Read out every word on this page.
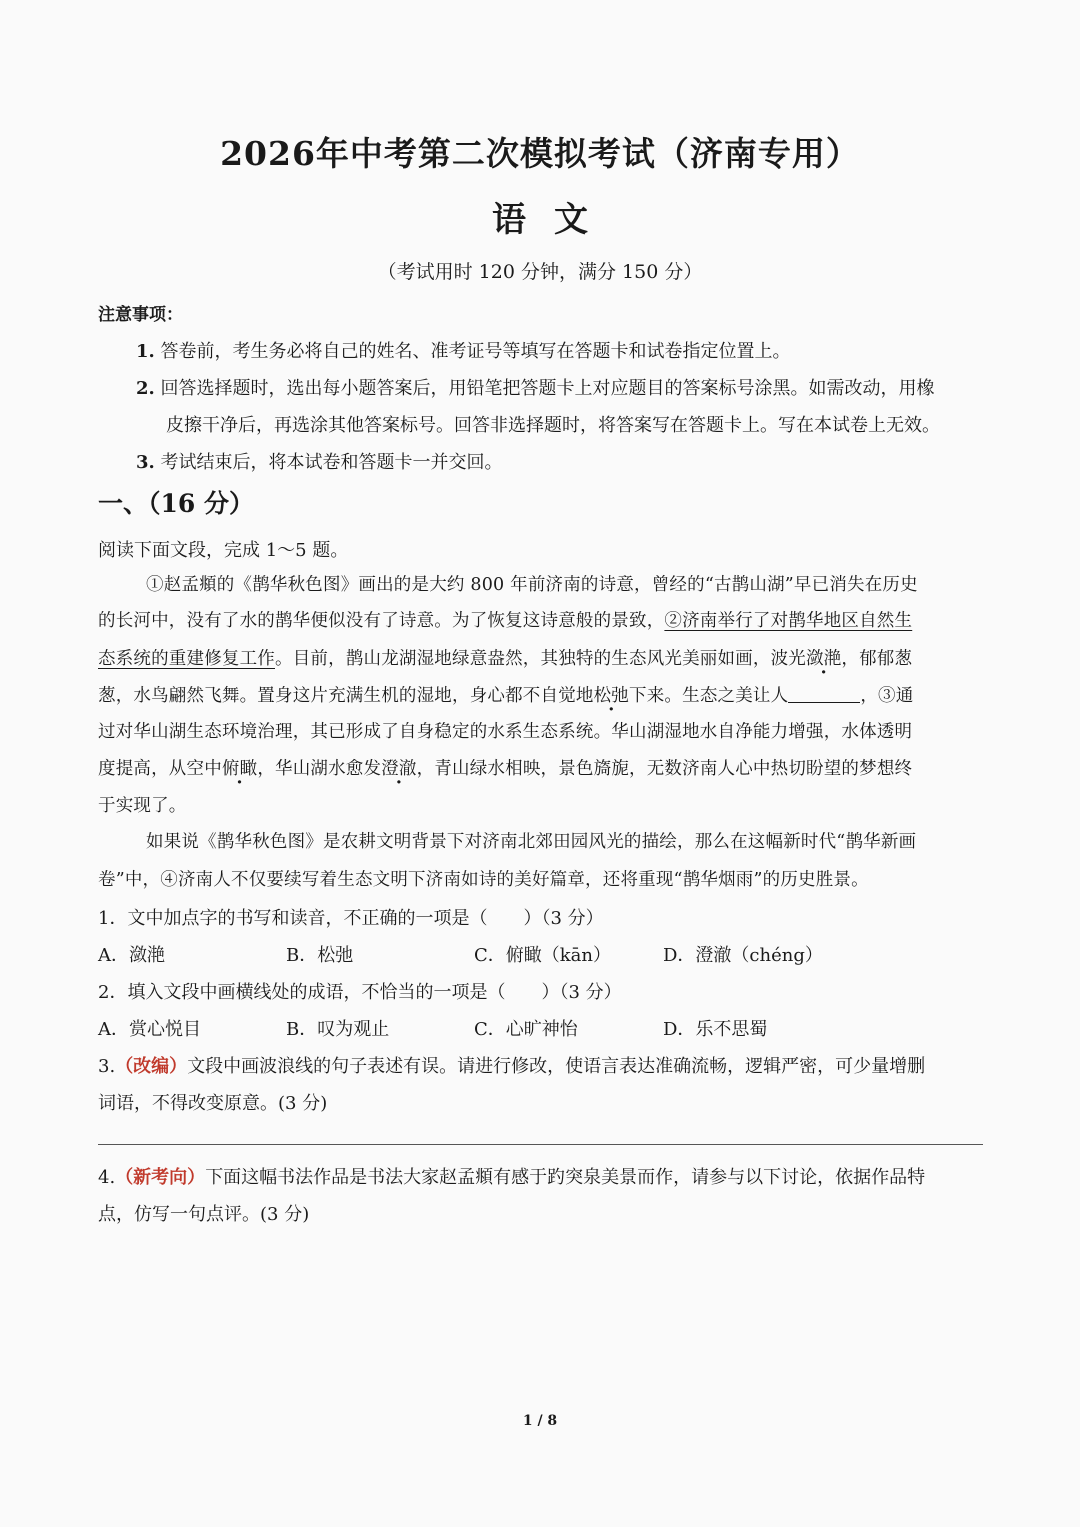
2026年中考第二次模拟考试（济南专用）
语文
（考试用时 120 分钟，满分 150 分）
注意事项：
1. 答卷前，考生务必将自己的姓名、准考证号等填写在答题卡和试卷指定位置上。
2. 回答选择题时，选出每小题答案后，用铅笔把答题卡上对应题目的答案标号涂黑。如需改动，用橡
皮擦干净后，再选涂其他答案标号。回答非选择题时，将答案写在答题卡上。写在本试卷上无效。
3. 考试结束后，将本试卷和答题卡一并交回。
一、（16 分）
阅读下面文段，完成 1～5 题。
①赵孟頫的《鹊华秋色图》画出的是大约 800 年前济南的诗意，曾经的“古鹊山湖”早已消失在历史
的长河中，没有了水的鹊华便似没有了诗意。为了恢复这诗意般的景致，②济南举行了对鹊华地区自然生
态系统的重建修复工作。目前，鹊山龙湖湿地绿意盎然，其独特的生态风光美丽如画，波光潋滟，郁郁葱
葱，水鸟翩然飞舞。置身这片充满生机的湿地，身心都不自觉地松弛下来。生态之美让人	，③通
过对华山湖生态环境治理，其已形成了自身稳定的水系生态系统。华山湖湿地水自净能力增强，水体透明
度提高，从空中俯瞰，华山湖水愈发澄澈，青山绿水相映，景色旖旎，无数济南人心中热切盼望的梦想终
于实现了。
如果说《鹊华秋色图》是农耕文明背景下对济南北郊田园风光的描绘，那么在这幅新时代“鹊华新画
卷”中，④济南人不仅要续写着生态文明下济南如诗的美好篇章，还将重现“鹊华烟雨”的历史胜景。
1．文中加点字的书写和读音，不正确的一项是（　　）（3 分）
A．潋滟	B．松弛	C．俯瞰（kān）	D．澄澈（chéng）
2．填入文段中画横线处的成语，不恰当的一项是（　　）（3 分）
A．赏心悦目	B．叹为观止	C．心旷神怡	D．乐不思蜀
3.（改编）文段中画波浪线的句子表述有误。请进行修改，使语言表达准确流畅，逻辑严密，可少量增删
词语，不得改变原意。(3 分)
4.（新考向）下面这幅书法作品是书法大家赵孟頫有感于趵突泉美景而作，请参与以下讨论，依据作品特
点，仿写一句点评。(3 分)
1 / 8
